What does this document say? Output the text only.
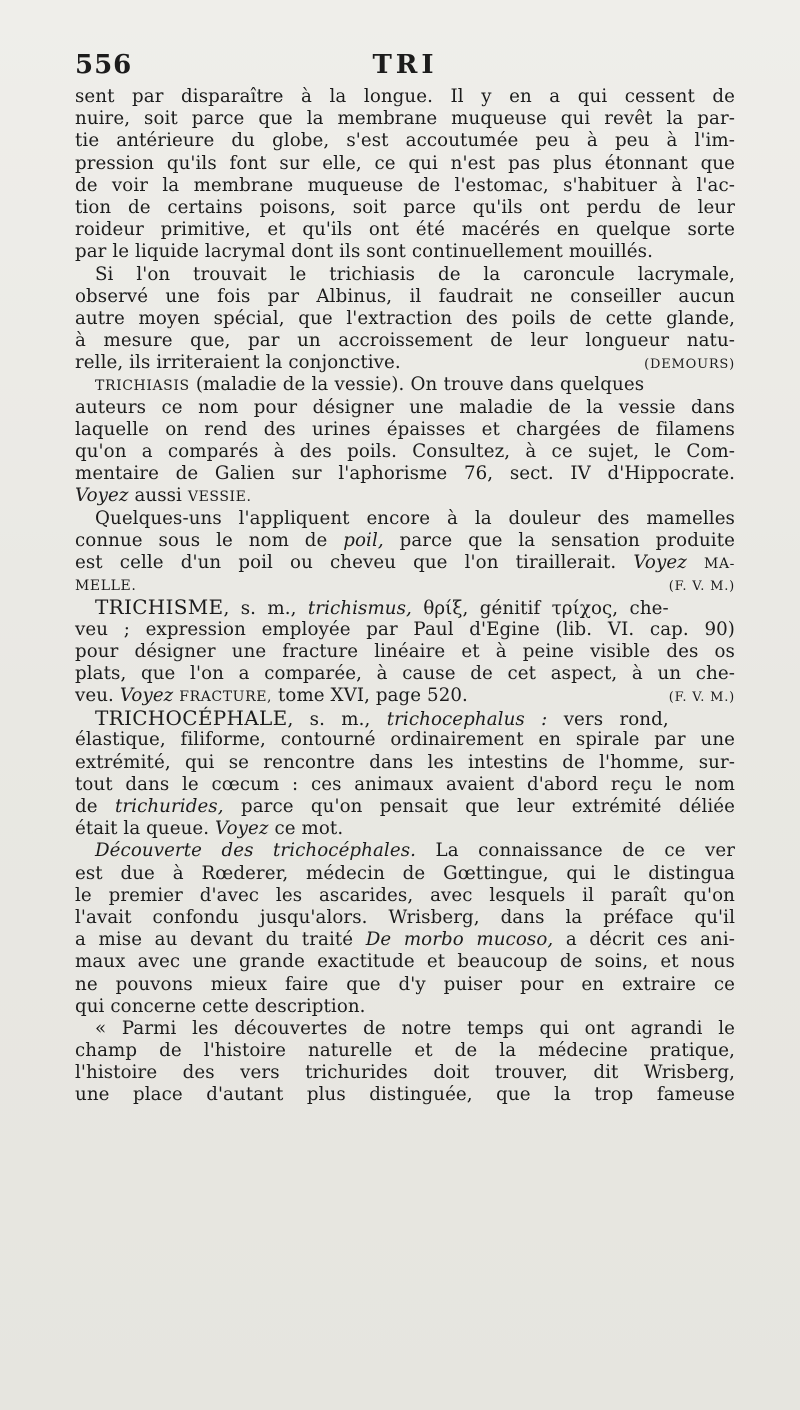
556	TRI
sent par disparaître à la longue. Il y en a qui cessent de
nuire, soit parce que la membrane muqueuse qui revêt la par-
tie antérieure du globe, s'est accoutumée peu à peu à l'im-
pression qu'ils font sur elle, ce qui n'est pas plus étonnant que
de voir la membrane muqueuse de l'estomac, s'habituer à l'ac-
tion de certains poisons, soit parce qu'ils ont perdu de leur
roideur primitive, et qu'ils ont été macérés en quelque sorte
par le liquide lacrymal dont ils sont continuellement mouillés.
Si l'on trouvait le trichiasis de la caroncule lacrymale,
observé une fois par Albinus, il faudrait ne conseiller aucun
autre moyen spécial, que l'extraction des poils de cette glande,
à mesure que, par un accroissement de leur longueur natu-
relle, ils irriteraient la conjonctive.	(DEMOURS)
TRICHIASIS (maladie de la vessie). On trouve dans quelques
auteurs ce nom pour désigner une maladie de la vessie dans
laquelle on rend des urines épaisses et chargées de filamens
qu'on a comparés à des poils. Consultez, à ce sujet, le Com-
mentaire de Galien sur l'aphorisme 76, sect. IV d'Hippocrate.
Voyez aussi VESSIE.
Quelques-uns l'appliquent encore à la douleur des mamelles
connue sous le nom de poil, parce que la sensation produite
est celle d'un poil ou cheveu que l'on tiraillerait. Voyez MA-
MELLE.	(F. V. M.)
TRICHISME, s. m., trichismus, θρίξ, génitif τρίχος, che-
veu ; expression employée par Paul d'Egine (lib. VI. cap. 90)
pour désigner une fracture linéaire et à peine visible des os
plats, que l'on a comparée, à cause de cet aspect, à un che-
veu. Voyez FRACTURE, tome XVI, page 520.	(F. V. M.)
TRICHOCÉPHALE, s. m., trichocephalus : vers rond,
élastique, filiforme, contourné ordinairement en spirale par une
extrémité, qui se rencontre dans les intestins de l'homme, sur-
tout dans le cœcum : ces animaux avaient d'abord reçu le nom
de trichurides, parce qu'on pensait que leur extrémité déliée
était la queue. Voyez ce mot.
Découverte des trichocéphales. La connaissance de ce ver
est due à Rœderer, médecin de Gœttingue, qui le distingua
le premier d'avec les ascarides, avec lesquels il paraît qu'on
l'avait confondu jusqu'alors. Wrisberg, dans la préface qu'il
a mise au devant du traité De morbo mucoso, a décrit ces ani-
maux avec une grande exactitude et beaucoup de soins, et nous
ne pouvons mieux faire que d'y puiser pour en extraire ce
qui concerne cette description.
« Parmi les découvertes de notre temps qui ont agrandi le
champ de l'histoire naturelle et de la médecine pratique,
l'histoire des vers trichurides doit trouver, dit Wrisberg,
une place d'autant plus distinguée, que la trop fameuse
